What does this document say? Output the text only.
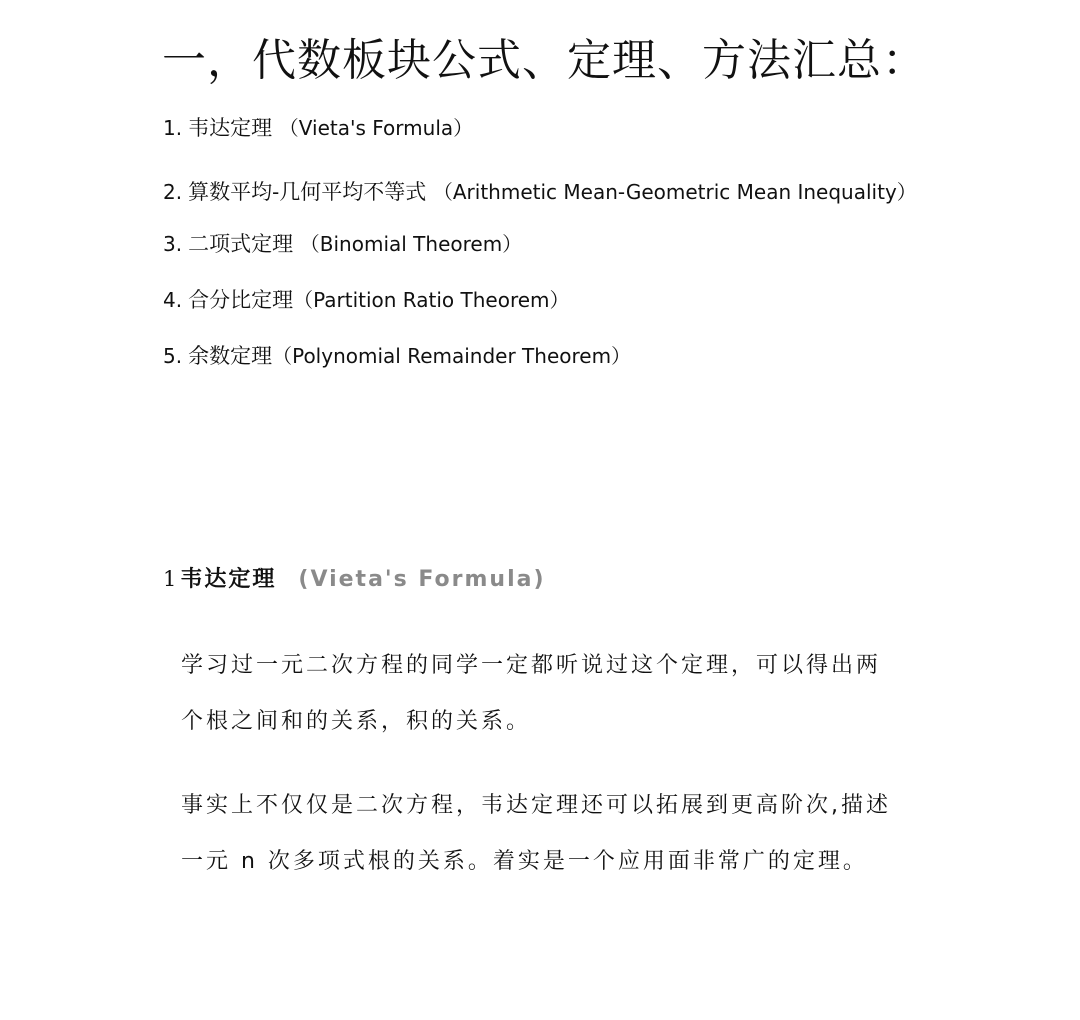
一，代数板块公式、定理、方法汇总：
1. 韦达定理 （Vieta's Formula）
2. 算数平均-几何平均不等式 （Arithmetic Mean-Geometric Mean Inequality）
3. 二项式定理 （Binomial Theorem）
4. 合分比定理（Partition Ratio Theorem）
5. 余数定理（Polynomial Remainder Theorem）
1 韦达定理 (Vieta's Formula)

学习过一元二次方程的同学一定都听说过这个定理，可以得出两个根之间和的关系，积的关系。

事实上不仅仅是二次方程，韦达定理还可以拓展到更高阶次,描述一元 n 次多项式根的关系。着实是一个应用面非常广的定理。
